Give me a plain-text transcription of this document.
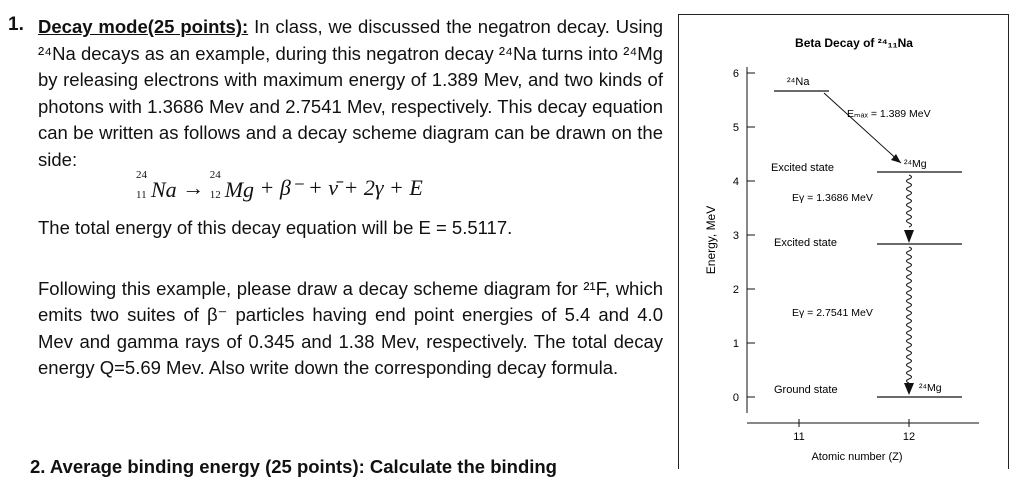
1. Decay mode(25 points): In class, we discussed the negatron decay. Using ²⁴Na decays as an example, during this negatron decay ²⁴Na turns into ²⁴Mg by releasing electrons with maximum energy of 1.389 Mev, and two kinds of photons with 1.3686 Mev and 2.7541 Mev, respectively. This decay equation can be written as follows and a decay scheme diagram can be drawn on the side:

24
11 Na →
24
12 Mg + β⁻ + ν̄ + 2γ + E

The total energy of this decay equation will be E = 5.5117.

Following this example, please draw a decay scheme diagram for ²¹F, which emits two suites of β⁻ particles having end point energies of 5.4 and 4.0 Mev and gamma rays of 0.345 and 1.38 Mev, respectively. The total decay energy Q=5.69 Mev. Also write down the corresponding decay formula.

2. Average binding energy (25 points): Calculate the binding
Beta Decay of ²⁴₁₁Na
0
1
2
3
4
5
6
Energy, MeV
11	12
Atomic number (Z)
²⁴Na
Eₘₐₓ = 1.389 MeV
²⁴Mg
Excited state
Eγ = 1.3686 MeV
Excited state
Eγ = 2.7541 MeV
Ground state	²⁴Mg
